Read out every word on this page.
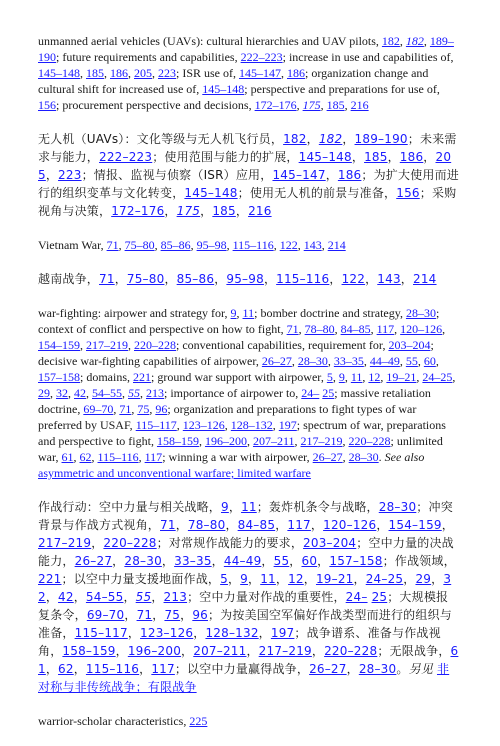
unmanned aerial vehicles (UAVs): cultural hierarchies and UAV pilots, 182, 182, 189–190; future requirements and capabilities, 222–223; increase in use and capabilities of, 145–148, 185, 186, 205, 223; ISR use of, 145–147, 186; organization change and cultural shift for increased use of, 145–148; perspective and preparations for use of, 156; procurement perspective and decisions, 172–176, 175, 185, 216

无人机（UAVs）：文化等级与无人机飞行员，182，182，189–190；未来需求与能力，222–223；使用范围与能力的扩展，145–148，185，186，205，223；情报、监视与侦察（ISR）应用，145–147，186；为扩大使用而进行的组织变革与文化转变，145–148；使用无人机的前景与准备，156；采购视角与决策，172–176，175，185，216

Vietnam War, 71, 75–80, 85–86, 95–98, 115–116, 122, 143, 214

越南战争，71，75–80，85–86，95–98，115–116，122，143，214

war-fighting: airpower and strategy for, 9, 11; bomber doctrine and strategy, 28–30; context of conflict and perspective on how to fight, 71, 78–80, 84–85, 117, 120–126, 154–159, 217–219, 220–228; conventional capabilities, requirement for, 203–204; decisive war-fighting capabilities of airpower, 26–27, 28–30, 33–35, 44–49, 55, 60, 157–158; domains, 221; ground war support with airpower, 5, 9, 11, 12, 19–21, 24–25, 29, 32, 42, 54–55, 55, 213; importance of airpower to, 24– 25; massive retaliation doctrine, 69–70, 71, 75, 96; organization and preparations to fight types of war preferred by USAF, 115–117, 123–126, 128–132, 197; spectrum of war, preparations and perspective to fight, 158–159, 196–200, 207–211, 217–219, 220–228; unlimited war, 61, 62, 115–116, 117; winning a war with airpower, 26–27, 28–30. See also asymmetric and unconventional warfare; limited warfare

作战行动：空中力量与相关战略，9，11；轰炸机条令与战略，28–30；冲突背景与作战方式视角，71，78–80，84–85，117，120–126，154–159，217–219，220–228；对常规作战能力的要求，203–204；空中力量的决战能力，26–27，28–30，33–35，44–49，55，60，157–158；作战领域，221；以空中力量支援地面作战，5，9，11，12，19–21，24–25，29，32，42，54–55，55，213；空中力量对作战的重要性，24– 25；大规模报复条令，69–70，71，75，96；为按美国空军偏好作战类型而进行的组织与准备，115–117，123–126，128–132，197；战争谱系、准备与作战视角，158–159，196–200，207–211，217–219，220–228；无限战争，61，62，115–116，117；以空中力量赢得战争，26–27，28–30。另见 非对称与非传统战争；有限战争

warrior-scholar characteristics, 225
